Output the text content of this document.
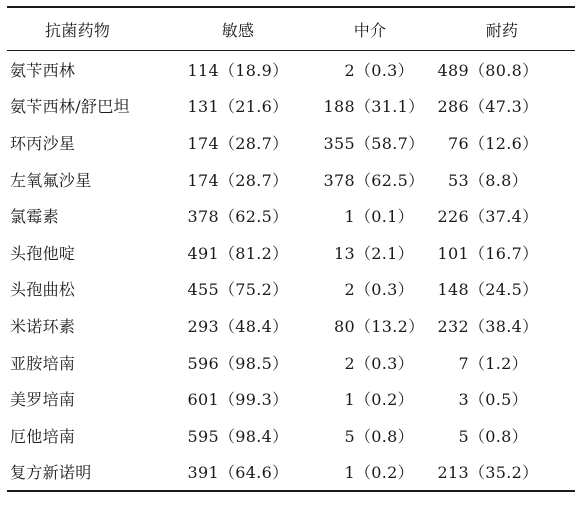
抗菌药物	敏感	中介	耐药
氨苄西林	114（18.9）	2（0.3）	489（80.8）
氨苄西林/舒巴坦	131（21.6）	188（31.1）	286（47.3）
环丙沙星	174（28.7）	355（58.7）	76（12.6）
左氧氟沙星	174（28.7）	378（62.5）	53（8.8）
氯霉素	378（62.5）	1（0.1）	226（37.4）
头孢他啶	491（81.2）	13（2.1）	101（16.7）
头孢曲松	455（75.2）	2（0.3）	148（24.5）
米诺环素	293（48.4）	80（13.2）	232（38.4）
亚胺培南	596（98.5）	2（0.3）	7（1.2）
美罗培南	601（99.3）	1（0.2）	3（0.5）
厄他培南	595（98.4）	5（0.8）	5（0.8）
复方新诺明	391（64.6）	1（0.2）	213（35.2）
